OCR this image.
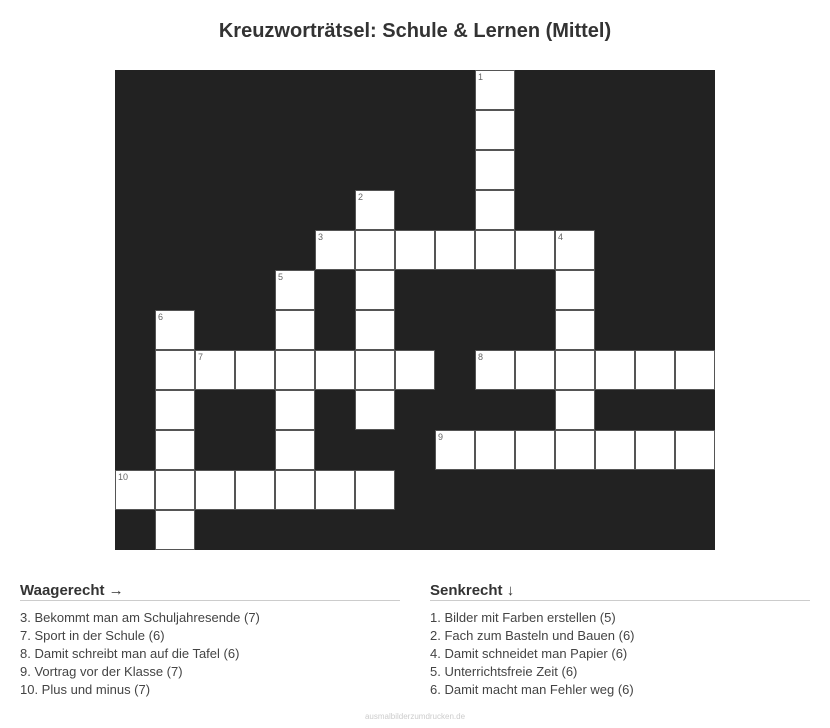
Kreuzworträtsel: Schule & Lernen (Mittel)
1
2
3	4
5
6
7	8
9
10
Waagerecht →
3. Bekommt man am Schuljahresende (7)
7. Sport in der Schule (6)
8. Damit schreibt man auf die Tafel (6)
9. Vortrag vor der Klasse (7)
10. Plus und minus (7)
Senkrecht ↓
1. Bilder mit Farben erstellen (5)
2. Fach zum Basteln und Bauen (6)
4. Damit schneidet man Papier (6)
5. Unterrichtsfreie Zeit (6)
6. Damit macht man Fehler weg (6)
ausmalbilderzumdrucken.de
